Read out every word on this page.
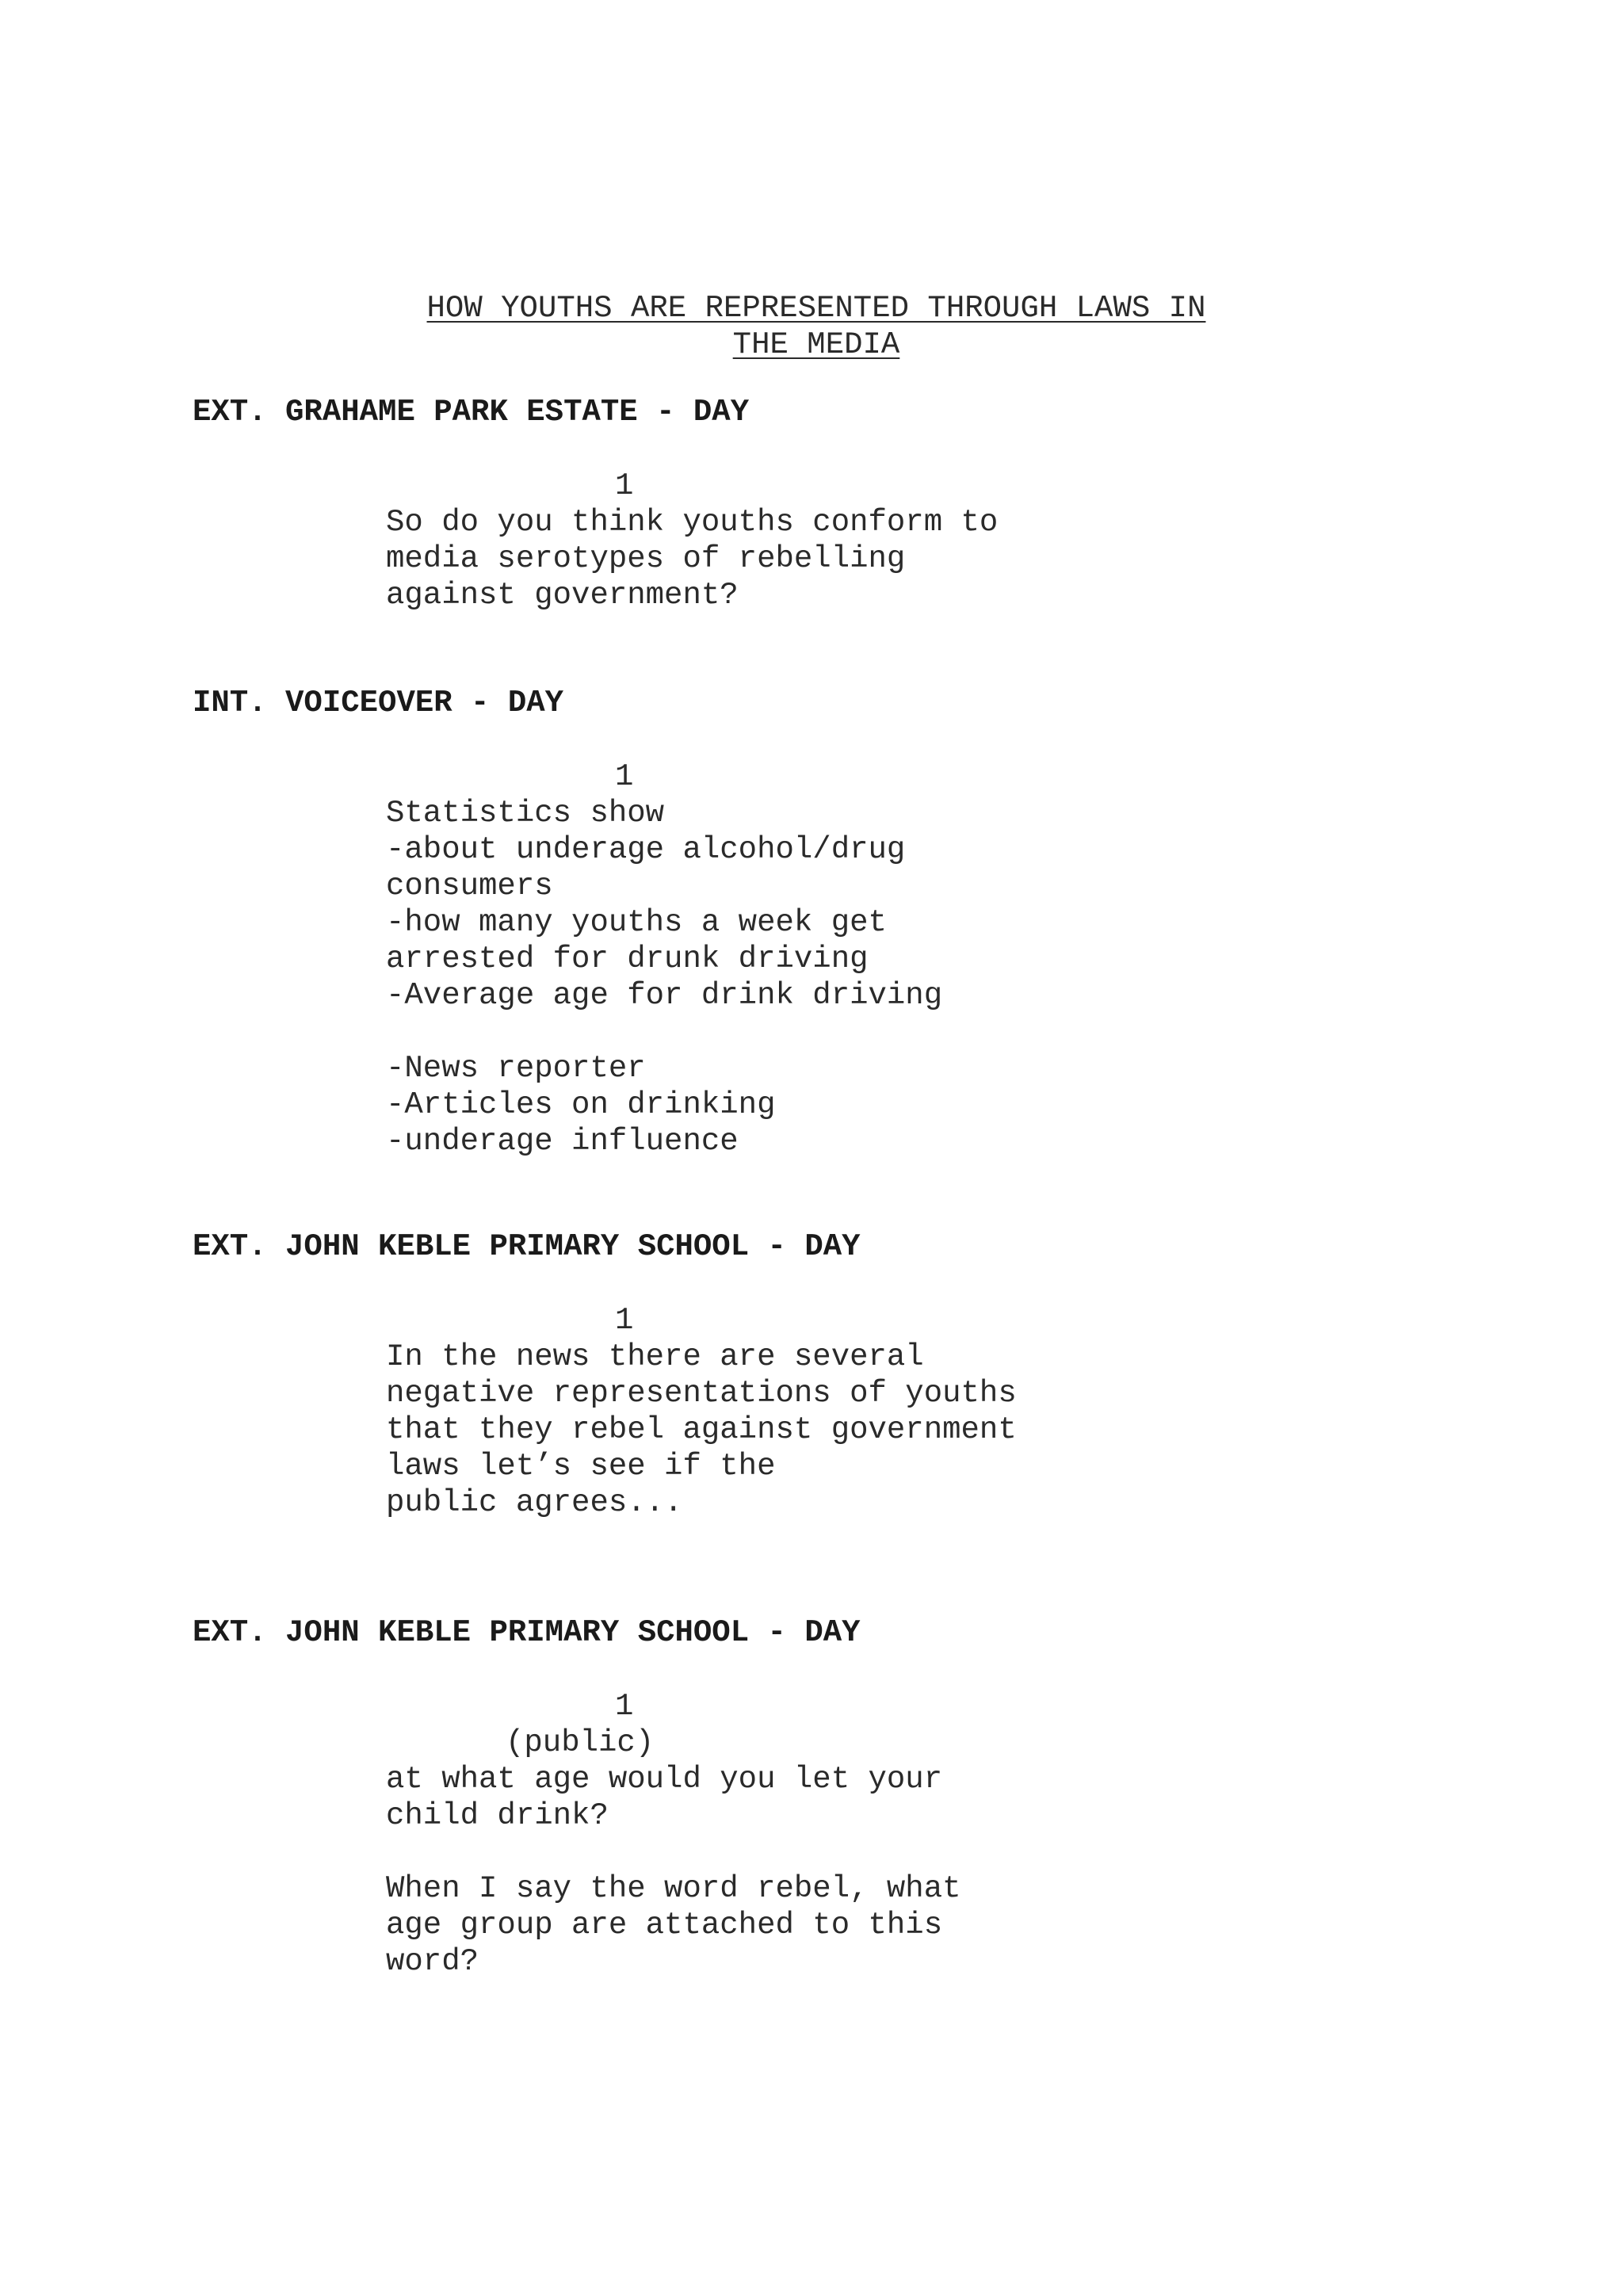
HOW YOUTHS ARE REPRESENTED THROUGH LAWS IN
THE MEDIA
EXT. GRAHAME PARK ESTATE - DAY
1
So do you think youths conform to
media serotypes of rebelling
against government?
INT. VOICEOVER - DAY
1
Statistics show
-about underage alcohol/drug
consumers
-how many youths a week get
arrested for drunk driving
-Average age for drink driving
-News reporter
-Articles on drinking
-underage influence
EXT. JOHN KEBLE PRIMARY SCHOOL - DAY
1
In the news there are several
negative representations of youths
that they rebel against government
laws let’s see if the
public agrees...
EXT. JOHN KEBLE PRIMARY SCHOOL - DAY
1
(public)
at what age would you let your
child drink?
When I say the word rebel, what
age group are attached to this
word?
